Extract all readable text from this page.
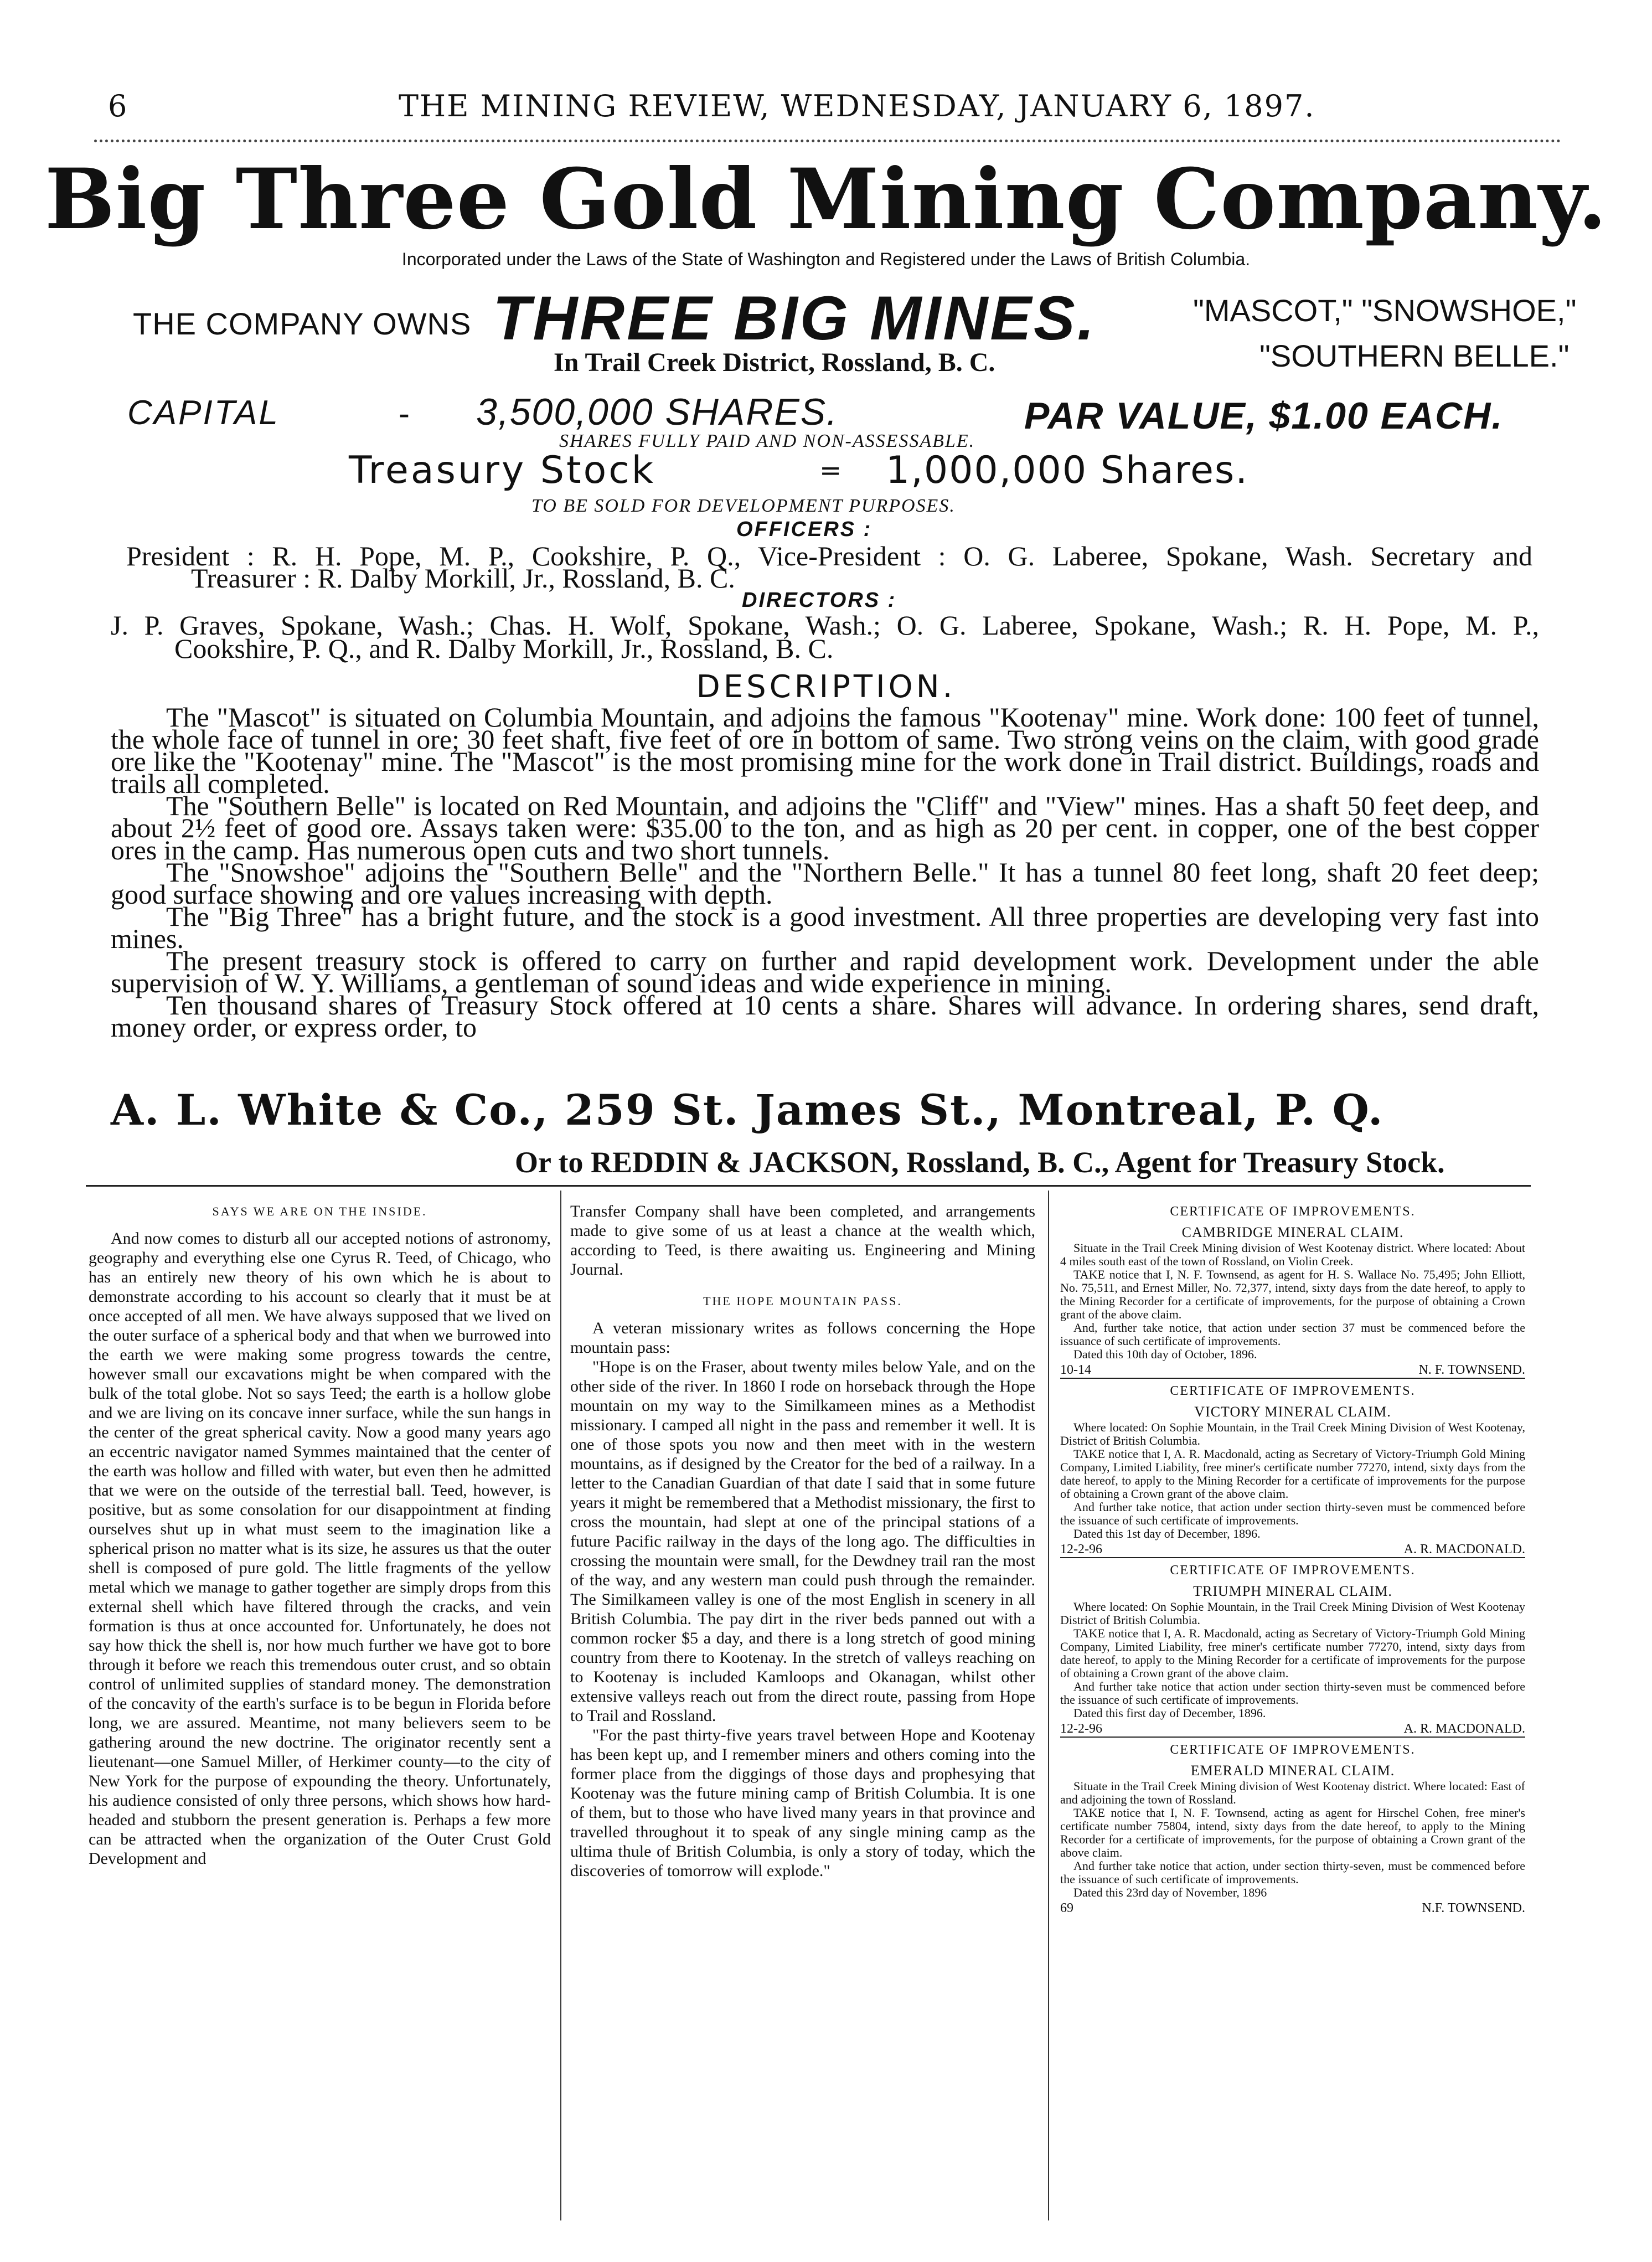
6	THE MINING REVIEW, WEDNESDAY, JANUARY 6, 1897.
Big Three Gold Mining Company.
Incorporated under the Laws of the State of Washington and Registered under the Laws of British Columbia.
THE COMPANY OWNS THREE BIG MINES.	"MASCOT," "SNOWSHOE,"
"SOUTHERN BELLE."
In Trail Creek District, Rossland, B. C.
CAPITAL	- 3,500,000 SHARES.	PAR VALUE, $1.00 EACH.
SHARES FULLY PAID AND NON-ASSESSABLE.
Treasury Stock	= 1,000,000 Shares.
TO BE SOLD FOR DEVELOPMENT PURPOSES.
OFFICERS :
President : R. H. Pope, M. P., Cookshire, P. Q., Vice-President : O. G. Laberee, Spokane, Wash. Secretary and
Treasurer : R. Dalby Morkill, Jr., Rossland, B. C.
DIRECTORS :
J. P. Graves, Spokane, Wash.; Chas. H. Wolf, Spokane, Wash.; O. G. Laberee, Spokane, Wash.; R. H. Pope, M. P.,
Cookshire, P. Q., and R. Dalby Morkill, Jr., Rossland, B. C.
DESCRIPTION.

The "Mascot" is situated on Columbia Mountain, and adjoins the famous "Kootenay" mine. Work done: 100 feet of tunnel, the whole face of tunnel in ore; 30 feet shaft, five feet of ore in bottom of same. Two strong veins on the claim, with good grade ore like the "Kootenay" mine. The "Mascot" is the most promising mine for the work done in Trail district. Buildings, roads and trails all completed.

The "Southern Belle" is located on Red Mountain, and adjoins the "Cliff" and "View" mines. Has a shaft 50 feet deep, and about 2½ feet of good ore. Assays taken were: $35.00 to the ton, and as high as 20 per cent. in copper, one of the best copper ores in the camp. Has numerous open cuts and two short tunnels.

The "Snowshoe" adjoins the "Southern Belle" and the "Northern Belle." It has a tunnel 80 feet long, shaft 20 feet deep; good surface showing and ore values increasing with depth.

The "Big Three" has a bright future, and the stock is a good investment. All three properties are developing very fast into mines.

The present treasury stock is offered to carry on further and rapid development work. Development under the able supervision of W. Y. Williams, a gentleman of sound ideas and wide experience in mining.

Ten thousand shares of Treasury Stock offered at 10 cents a share. Shares will advance. In ordering shares, send draft, money order, or express order, to

A. L. White & Co., 259 St. James St., Montreal, P. Q.
Or to REDDIN & JACKSON, Rossland, B. C., Agent for Treasury Stock.
SAYS WE ARE ON THE INSIDE.

And now comes to disturb all our accepted notions of astronomy, geography and everything else one Cyrus R. Teed, of Chicago, who has an entirely new theory of his own which he is about to demonstrate according to his account so clearly that it must be at once accepted of all men. We have always supposed that we lived on the outer surface of a spherical body and that when we burrowed into the earth we were making some progress towards the centre, however small our excavations might be when compared with the bulk of the total globe. Not so says Teed; the earth is a hollow globe and we are living on its concave inner surface, while the sun hangs in the center of the great spherical cavity. Now a good many years ago an eccentric navigator named Symmes maintained that the center of the earth was hollow and filled with water, but even then he admitted that we were on the outside of the terrestial ball. Teed, however, is positive, but as some consolation for our disappointment at finding ourselves shut up in what must seem to the imagination like a spherical prison no matter what is its size, he assures us that the outer shell is composed of pure gold. The little fragments of the yellow metal which we manage to gather together are simply drops from this external shell which have filtered through the cracks, and vein formation is thus at once accounted for. Unfortunately, he does not say how thick the shell is, nor how much further we have got to bore through it before we reach this tremendous outer crust, and so obtain control of unlimited supplies of standard money. The demonstration of the concavity of the earth's surface is to be begun in Florida before long, we are assured. Meantime, not many believers seem to be gathering around the new doctrine. The originator recently sent a lieutenant—one Samuel Miller, of Herkimer county—to the city of New York for the purpose of expounding the theory. Unfortunately, his audience consisted of only three persons, which shows how hard-headed and stubborn the present generation is. Perhaps a few more can be attracted when the organization of the Outer Crust Gold Development and

Transfer Company shall have been completed, and arrangements made to give some of us at least a chance at the wealth which, according to Teed, is there awaiting us. Engineering and Mining Journal.

THE HOPE MOUNTAIN PASS.

A veteran missionary writes as follows concerning the Hope mountain pass:

"Hope is on the Fraser, about twenty miles below Yale, and on the other side of the river. In 1860 I rode on horseback through the Hope mountain on my way to the Similkameen mines as a Methodist missionary. I camped all night in the pass and remember it well. It is one of those spots you now and then meet with in the western mountains, as if designed by the Creator for the bed of a railway. In a letter to the Canadian Guardian of that date I said that in some future years it might be remembered that a Methodist missionary, the first to cross the mountain, had slept at one of the principal stations of a future Pacific railway in the days of the long ago. The difficulties in crossing the mountain were small, for the Dewdney trail ran the most of the way, and any western man could push through the remainder. The Similkameen valley is one of the most English in scenery in all British Columbia. The pay dirt in the river beds panned out with a common rocker $5 a day, and there is a long stretch of good mining country from there to Kootenay. In the stretch of valleys reaching on to Kootenay is included Kamloops and Okanagan, whilst other extensive valleys reach out from the direct route, passing from Hope to Trail and Rossland.

"For the past thirty-five years travel between Hope and Kootenay has been kept up, and I remember miners and others coming into the former place from the diggings of those days and prophesying that Kootenay was the future mining camp of British Columbia. It is one of them, but to those who have lived many years in that province and travelled throughout it to speak of any single mining camp as the ultima thule of British Columbia, is only a story of today, which the discoveries of tomorrow will explode."

CERTIFICATE OF IMPROVEMENTS.

CAMBRIDGE MINERAL CLAIM.

Situate in the Trail Creek Mining division of West Kootenay district. Where located: About 4 miles south east of the town of Rossland, on Violin Creek.

TAKE notice that I, N. F. Townsend, as agent for H. S. Wallace No. 75,495; John Elliott, No. 75,511, and Ernest Miller, No. 72,377, intend, sixty days from the date hereof, to apply to the Mining Recorder for a certificate of improvements, for the purpose of obtaining a Crown grant of the above claim.

And, further take notice, that action under section 37 must be commenced before the issuance of such certificate of improvements.

Dated this 10th day of October, 1896.

10-14	N. F. TOWNSEND.

CERTIFICATE OF IMPROVEMENTS.

VICTORY MINERAL CLAIM.

Where located: On Sophie Mountain, in the Trail Creek Mining Division of West Kootenay, District of British Columbia.

TAKE notice that I, A. R. Macdonald, acting as Secretary of Victory-Triumph Gold Mining Company, Limited Liability, free miner's certificate number 77270, intend, sixty days from the date hereof, to apply to the Mining Recorder for a certificate of improvements for the purpose of obtaining a Crown grant of the above claim.

And further take notice, that action under section thirty-seven must be commenced before the issuance of such certificate of improvements.

Dated this 1st day of December, 1896.

12-2-96	A. R. MACDONALD.

CERTIFICATE OF IMPROVEMENTS.

TRIUMPH MINERAL CLAIM.

Where located: On Sophie Mountain, in the Trail Creek Mining Division of West Kootenay District of British Columbia.

TAKE notice that I, A. R. Macdonald, acting as Secretary of Victory-Triumph Gold Mining Company, Limited Liability, free miner's certificate number 77270, intend, sixty days from date hereof, to apply to the Mining Recorder for a certificate of improvements for the purpose of obtaining a Crown grant of the above claim.

And further take notice that action under section thirty-seven must be commenced before the issuance of such certificate of improvements.

Dated this first day of December, 1896.

12-2-96	A. R. MACDONALD.

CERTIFICATE OF IMPROVEMENTS.

EMERALD MINERAL CLAIM.

Situate in the Trail Creek Mining division of West Kootenay district. Where located: East of and adjoining the town of Rossland.

TAKE notice that I, N. F. Townsend, acting as agent for Hirschel Cohen, free miner's certificate number 75804, intend, sixty days from the date hereof, to apply to the Mining Recorder for a certificate of improvements, for the purpose of obtaining a Crown grant of the above claim.

And further take notice that action, under section thirty-seven, must be commenced before the issuance of such certificate of improvements.

Dated this 23rd day of November, 1896

69	N.F. TOWNSEND.
